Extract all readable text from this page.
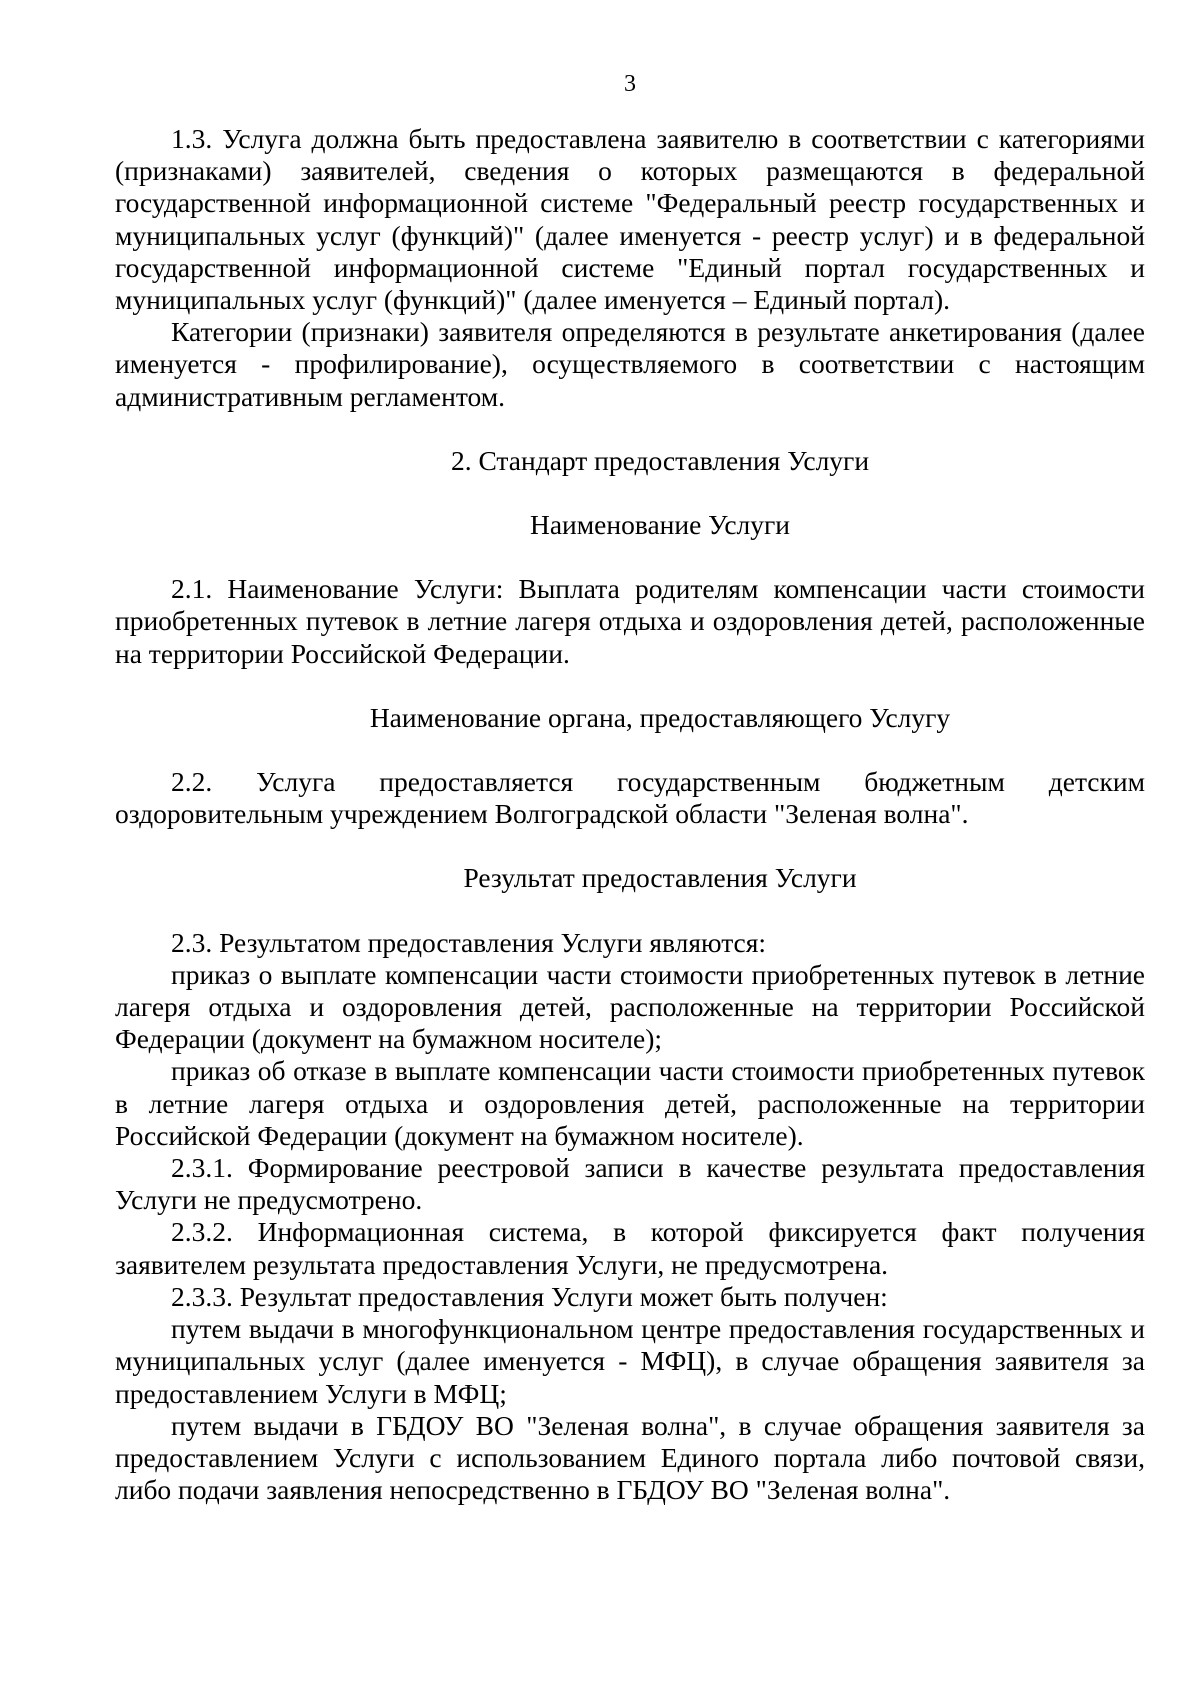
3

1.3. Услуга должна быть предоставлена заявителю в соответствии с категориями (признаками) заявителей, сведения о которых размещаются в федеральной государственной информационной системе "Федеральный реестр государственных и муниципальных услуг (функций)" (далее именуется - реестр услуг) и в федеральной государственной информационной системе "Единый портал государственных и муниципальных услуг (функций)" (далее именуется – Единый портал).

Категории (признаки) заявителя определяются в результате анкетирования (далее именуется - профилирование), осуществляемого в соответствии с настоящим административным регламентом.

2. Стандарт предоставления Услуги

Наименование Услуги

2.1. Наименование Услуги: Выплата родителям компенсации части стоимости приобретенных путевок в летние лагеря отдыха и оздоровления детей, расположенные на территории Российской Федерации.

Наименование органа, предоставляющего Услугу

2.2. Услуга предоставляется государственным бюджетным детским оздоровительным учреждением Волгоградской области "Зеленая волна".

Результат предоставления Услуги

2.3. Результатом предоставления Услуги являются:

приказ о выплате компенсации части стоимости приобретенных путевок в летние лагеря отдыха и оздоровления детей, расположенные на территории Российской Федерации (документ на бумажном носителе);

приказ об отказе в выплате компенсации части стоимости приобретенных путевок в летние лагеря отдыха и оздоровления детей, расположенные на территории Российской Федерации (документ на бумажном носителе).

2.3.1. Формирование реестровой записи в качестве результата предоставления Услуги не предусмотрено.

2.3.2. Информационная система, в которой фиксируется факт получения заявителем результата предоставления Услуги, не предусмотрена.

2.3.3. Результат предоставления Услуги может быть получен:

путем выдачи в многофункциональном центре предоставления государственных и муниципальных услуг (далее именуется - МФЦ), в случае обращения заявителя за предоставлением Услуги в МФЦ;

путем выдачи в ГБДОУ ВО "Зеленая волна", в случае обращения заявителя за предоставлением Услуги с использованием Единого портала либо почтовой связи, либо подачи заявления непосредственно в ГБДОУ ВО "Зеленая волна".
